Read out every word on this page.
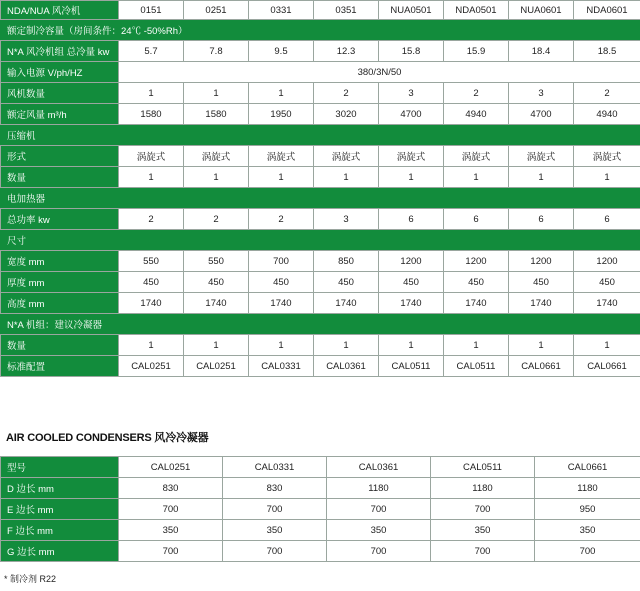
NDA/NUA 风冷机	0151	0251	0331	0351	NUA0501	NDA0501	NUA0601	NDA0601
额定制冷容量（房间条件：24℃ -50%Rh）								
N*A 风冷机组 总冷量 kw	5.7	7.8	9.5	12.3	15.8	15.9	18.4	18.5
输入电源 V/ph/HZ	380/3N/50							
风机数量	1	1	1	2	3	2	3	2
额定风量 m³/h	1580	1580	1950	3020	4700	4940	4700	4940
压缩机								
形式	涡旋式	涡旋式	涡旋式	涡旋式	涡旋式	涡旋式	涡旋式	涡旋式
数量	1	1	1	1	1	1	1	1
电加热器								
总功率 kw	2	2	2	3	6	6	6	6
尺寸								
宽度 mm	550	550	700	850	1200	1200	1200	1200
厚度 mm	450	450	450	450	450	450	450	450
高度 mm	1740	1740	1740	1740	1740	1740	1740	1740
N*A 机组：建议冷凝器								
数量	1	1	1	1	1	1	1	1
标准配置	CAL0251	CAL0251	CAL0331	CAL0361	CAL0511	CAL0511	CAL0661	CAL0661
AIR COOLED CONDENSERS 风冷冷凝器
型号	CAL0251	CAL0331	CAL0361	CAL0511	CAL0661
D 边长 mm	830	830	1180	1180	1180
E 边长 mm	700	700	700	700	950
F 边长 mm	350	350	350	350	350
G 边长 mm	700	700	700	700	700
* 制冷剂 R22
